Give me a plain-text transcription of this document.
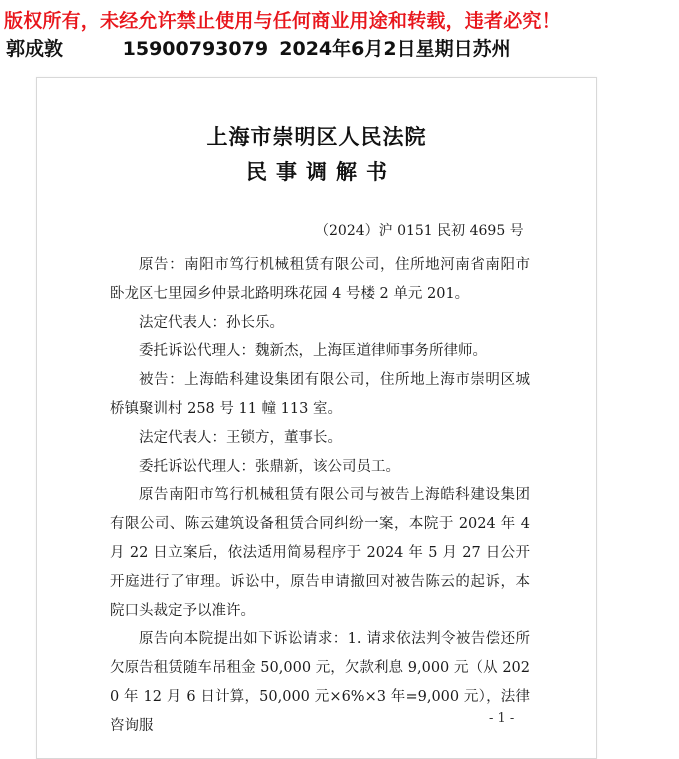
版权所有，未经允许禁止使用与任何商业用途和转载，违者必究！
郭成敦	15900793079 2024年6月2日星期日苏州
上海市崇明区人民法院
民事调解书
（2024）沪 0151 民初 4695 号

原告：南阳市笃行机械租赁有限公司，住所地河南省南阳市卧龙区七里园乡仲景北路明珠花园 4 号楼 2 单元 201。

法定代表人：孙长乐。

委托诉讼代理人：魏新杰，上海匡道律师事务所律师。

被告：上海皓科建设集团有限公司，住所地上海市崇明区城桥镇聚训村 258 号 11 幢 113 室。

法定代表人：王锁方，董事长。

委托诉讼代理人：张鼎新，该公司员工。

原告南阳市笃行机械租赁有限公司与被告上海皓科建设集团有限公司、陈云建筑设备租赁合同纠纷一案，本院于 2024 年 4 月 22 日立案后，依法适用简易程序于 2024 年 5 月 27 日公开开庭进行了审理。诉讼中，原告申请撤回对被告陈云的起诉，本院口头裁定予以准许。

原告向本院提出如下诉讼请求：1. 请求依法判令被告偿还所欠原告租赁随车吊租金 50,000 元，欠款利息 9,000 元（从 2020 年 12 月 6 日计算，50,000 元×6%×3 年=9,000 元），法律咨询服	- 1 -
